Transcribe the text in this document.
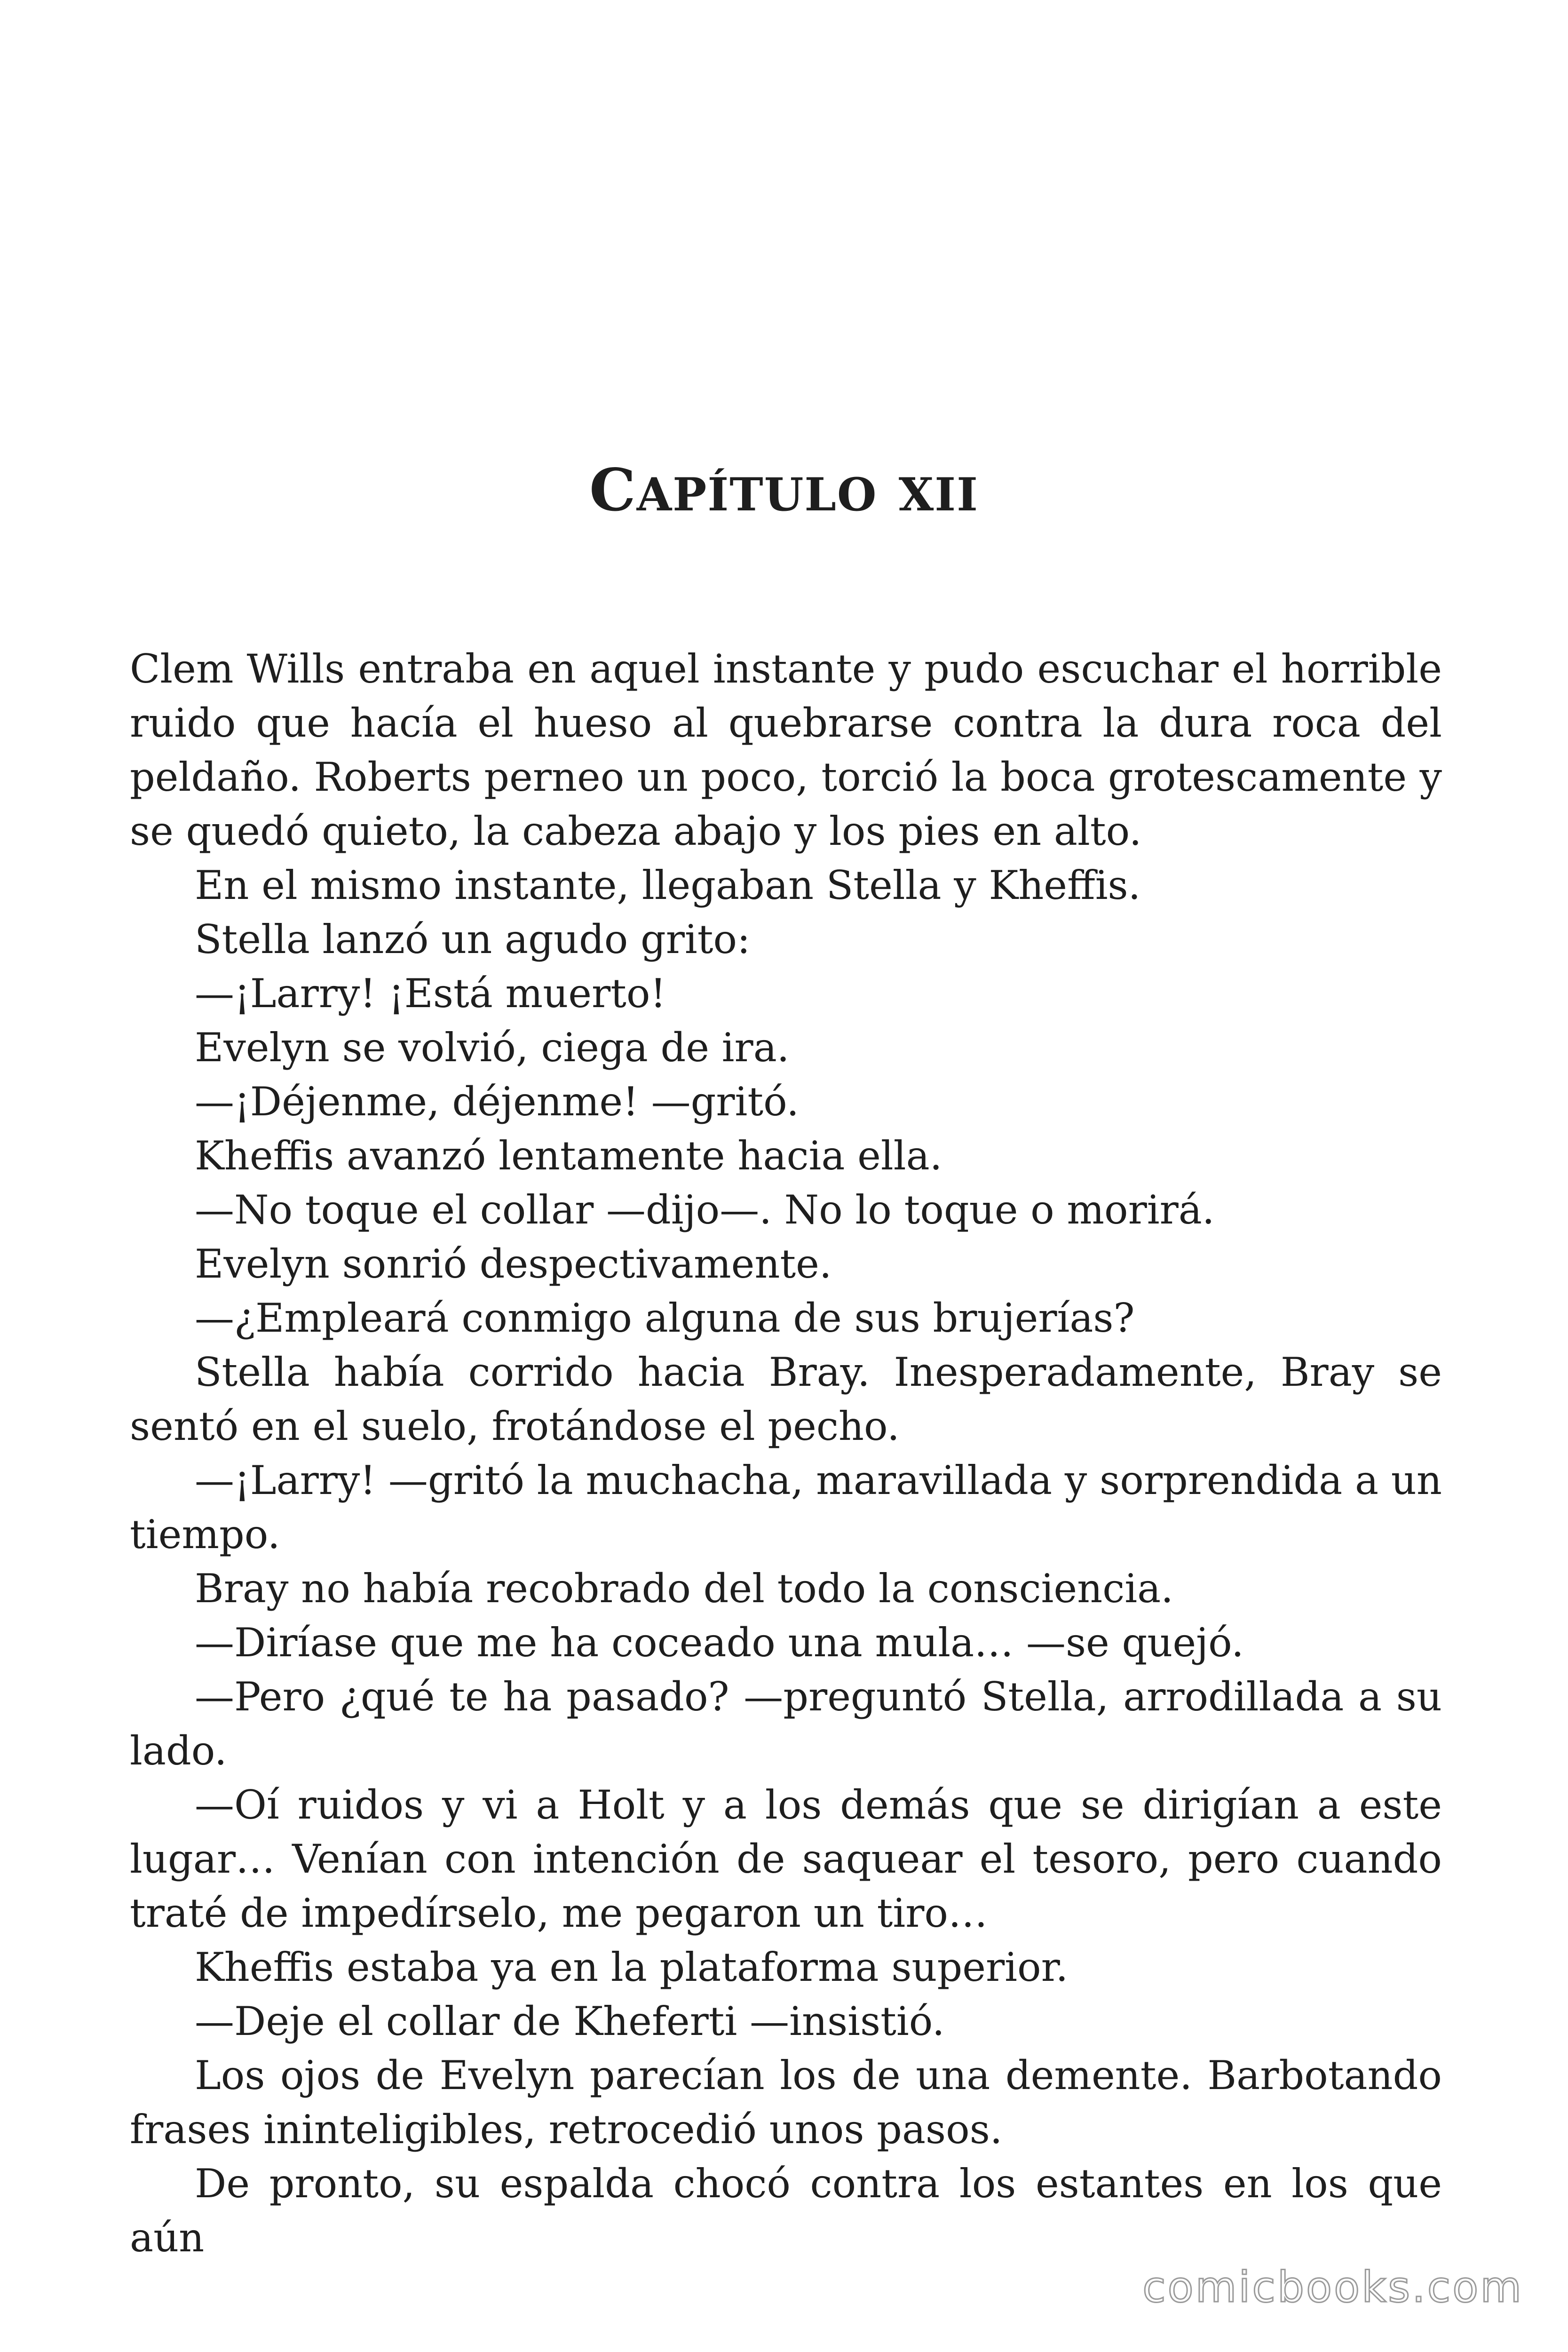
CAPÍTULO XII

Clem Wills entraba en aquel instante y pudo escuchar el horrible ruido que hacía el hueso al quebrarse contra la dura roca del peldaño. Roberts perneo un poco, torció la boca grotescamente y se quedó quieto, la cabeza abajo y los pies en alto.

En el mismo instante, llegaban Stella y Kheffis.

Stella lanzó un agudo grito:

—¡Larry! ¡Está muerto!

Evelyn se volvió, ciega de ira.

—¡Déjenme, déjenme! —gritó.

Kheffis avanzó lentamente hacia ella.

—No toque el collar —dijo—. No lo toque o morirá.

Evelyn sonrió despectivamente.

—¿Empleará conmigo alguna de sus brujerías?

Stella había corrido hacia Bray. Inesperadamente, Bray se sentó en el suelo, frotándose el pecho.

—¡Larry! —gritó la muchacha, maravillada y sorprendida a un tiempo.

Bray no había recobrado del todo la consciencia.

—Diríase que me ha coceado una mula… —se quejó.

—Pero ¿qué te ha pasado? —preguntó Stella, arrodillada a su lado.

—Oí ruidos y vi a Holt y a los demás que se dirigían a este lugar… Venían con intención de saquear el tesoro, pero cuando traté de impedírselo, me pegaron un tiro…

Kheffis estaba ya en la plataforma superior.

—Deje el collar de Kheferti —insistió.

Los ojos de Evelyn parecían los de una demente. Barbotando frases ininteligibles, retrocedió unos pasos.

De pronto, su espalda chocó contra los estantes en los que aún

comicbooks.com
